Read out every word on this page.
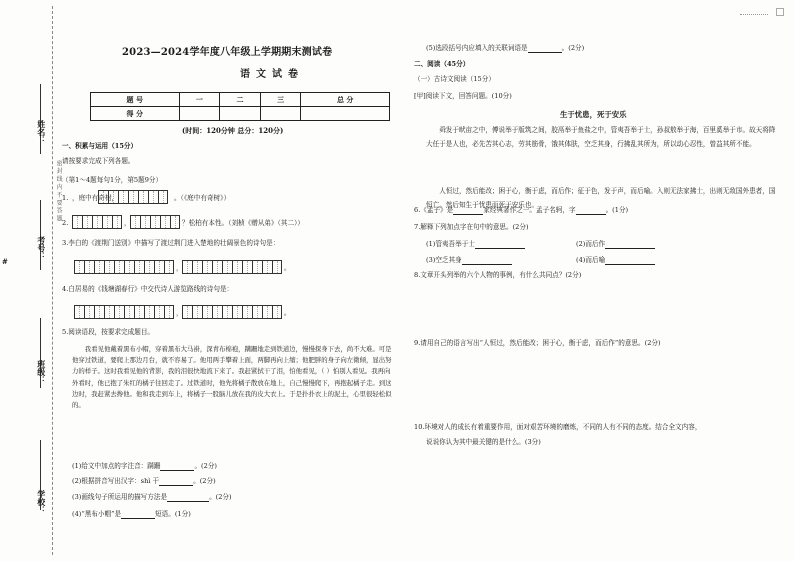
姓名：
考号：
班级：
学校：
密 封 线 内 不 要 答 题
#
2023—2024学年度八年级上学期期末测试卷
语文试卷
题 号	一	二	三	总 分
得 分				
(时间：120分钟 总分：120分)
一、积累与运用（15分）
请按要求完成下列各题。
（第1～4题每句1分，第5题9分）
1. ，庭中有奇树，	。（《庭中有奇树》）
2.	，	？松柏有本性。（刘桢《赠从弟》（其二））
3.李白的《渡荆门送别》中描写了渡过荆门进入楚地的壮阔景色的诗句是：
，	。
4.白居易的《钱塘湖春行》中交代诗人游览路线的诗句是：
，	。
5.阅读语段，按要求完成题目。
我看见他戴着黑布小帽，穿着黑布大马褂，深青布棉袍，蹒跚地走到铁道边，慢慢探身下去，尚不大难。可是他穿过铁道，要爬上那边月台，就不容易了。他用两手攀着上面，两脚再向上缩；他肥胖的身子向左微倾，显出努力的样子。这时我看见他的背影，我的泪很快地流下来了。我赶紧拭干了泪，怕他看见，（ ）怕别人看见。我再向外看时，他已抱了朱红的橘子往回走了。过铁道时，他先将橘子散放在地上，自己慢慢爬下，再抱起橘子走。到这边时，我赶紧去搀他。他和我走到车上，将橘子一股脑儿放在我的皮大衣上。于是扑扑衣上的泥土，心里很轻松似的。
(1)给文中加点的字注音：蹒跚	。(2分)
(2)根据拼音写出汉字：shì 干	。(2分)
(3)画线句子所运用的描写方法是	。(2分)
(4)“黑布小帽”是	短语。(1分)
(5)选段括号内应填入的关联词语是	。(2分)
二、阅读（45分）
（一）古诗文阅读（15分）
[甲]阅读下文，回答问题。(10分)
生于忧患，死于安乐
舜发于畎亩之中，傅说举于版筑之间，胶鬲举于鱼盐之中，管夷吾举于士，孙叔敖举于海，百里奚举于市。故天将降大任于是人也，必先苦其心志，劳其筋骨，饿其体肤，空乏其身，行拂乱其所为，所以动心忍性，曾益其所不能。
人恒过，然后能改；困于心，衡于虑，而后作；征于色，发于声，而后喻。入则无法家拂士，出则无敌国外患者，国恒亡。然后知生于忧患而死于安乐也。
6.《孟子》是	家经典著作之一。孟子名轲，字	。(1分)
7.解释下列加点字在句中的意思。(2分)
(1)管夷吾举于士	(2)而后作
(3)空乏其身	(4)而后喻
8.文章开头列举的六个人物的事例，有什么共同点？(2分)
9.请用自己的语言写出“人恒过，然后能改；困于心，衡于虑，而后作”的意思。(2分)
10.环境对人的成长有着重要作用，面对艰苦环境的磨炼，不同的人有不同的态度。结合全文内容，
说说你认为其中最关键的是什么。(3分)
